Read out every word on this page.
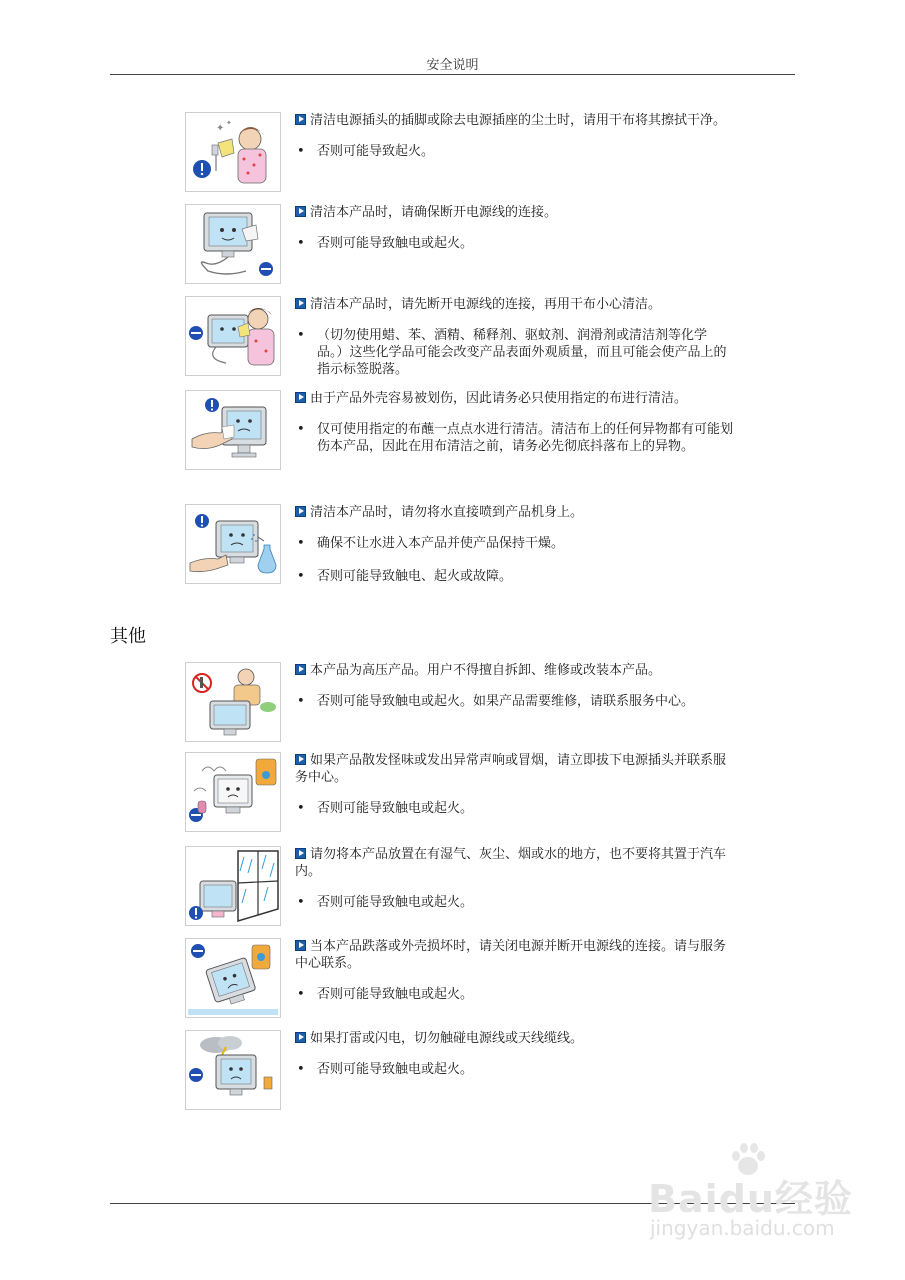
安全说明
✦ ✦	清洁电源插头的插脚或除去电源插座的尘土时，请用干布将其擦拭干净。

• 否则可能导致起火。

清洁本产品时，请确保断开电源线的连接。

• 否则可能导致触电或起火。

清洁本产品时，请先断开电源线的连接，再用干布小心清洁。

• （切勿使用蜡、苯、酒精、稀释剂、驱蚊剂、润滑剂或清洁剂等化学品。）这些化学品可能会改变产品表面外观质量，而且可能会使产品上的指示标签脱落。

由于产品外壳容易被划伤，因此请务必只使用指定的布进行清洁。

• 仅可使用指定的布蘸一点点水进行清洁。清洁布上的任何异物都有可能划伤本产品，因此在用布清洁之前，请务必先彻底抖落布上的异物。

清洁本产品时，请勿将水直接喷到产品机身上。

• 确保不让水进入本产品并使产品保持干燥。
• 否则可能导致触电、起火或故障。
其他

本产品为高压产品。用户不得擅自拆卸、维修或改装本产品。

• 否则可能导致触电或起火。如果产品需要维修，请联系服务中心。

如果产品散发怪味或发出异常声响或冒烟，请立即拔下电源插头并联系服务中心。

• 否则可能导致触电或起火。

请勿将本产品放置在有湿气、灰尘、烟或水的地方，也不要将其置于汽车内。

• 否则可能导致触电或起火。

当本产品跌落或外壳损坏时，请关闭电源并断开电源线的连接。请与服务中心联系。

• 否则可能导致触电或起火。

如果打雷或闪电，切勿触碰电源线或天线缆线。

• 否则可能导致触电或起火。
Baidu经验
jingyan.baidu.com
